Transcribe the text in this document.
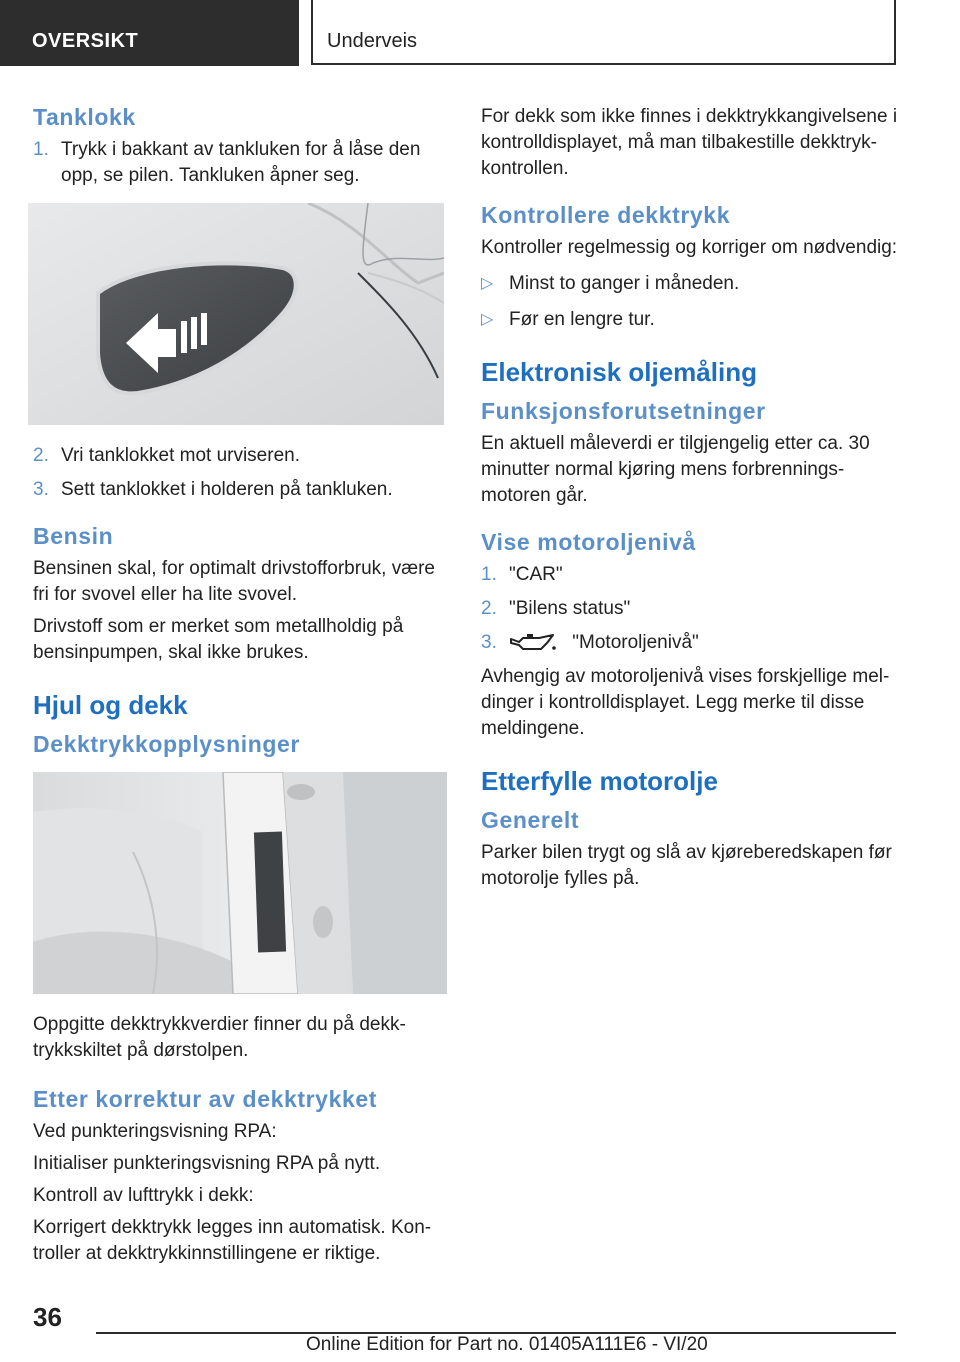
OVERSIKT	Underveis
Tanklokk
1. Trykk i bakkant av tankluken for å låse den opp, se pilen. Tankluken åpner seg.
2. Vri tanklokket mot urviseren.
3. Sett tanklokket i holderen på tankluken.
Bensin
Bensinen skal, for optimalt drivstofforbruk, være fri for svovel eller ha lite svovel.
Drivstoff som er merket som metallholdig på bensinpumpen, skal ikke brukes.
Hjul og dekk
Dekktrykkopplysninger
Oppgitte dekktrykkverdier finner du på dekktrykkskiltet på dørstolpen.
Etter korrektur av dekktrykket
Ved punkteringsvisning RPA:
Initialiser punkteringsvisning RPA på nytt.
Kontroll av lufttrykk i dekk:
Korrigert dekktrykk legges inn automatisk. Kontroller at dekktrykkinnstillingene er riktige.
For dekk som ikke finnes i dekktrykkangivelsene i kontrolldisplayet, må man tilbakestille dekktrykkontrollen.
Kontrollere dekktrykk
Kontroller regelmessig og korriger om nødvendig:
▷ Minst to ganger i måneden.
▷ Før en lengre tur.
Elektronisk oljemåling
Funksjonsforutsetninger
En aktuell måleverdi er tilgjengelig etter ca. 30 minutter normal kjøring mens forbrenningsmotoren går.
Vise motoroljenivå
1. "CAR"
2. "Bilens status"
3.	"Motoroljenivå"
Avhengig av motoroljenivå vises forskjellige meldinger i kontrolldisplayet. Legg merke til disse meldingene.
Etterfylle motorolje
Generelt
Parker bilen trygt og slå av kjøreberedskapen før motorolje fylles på.
36
Online Edition for Part no. 01405A111E6 - VI/20
